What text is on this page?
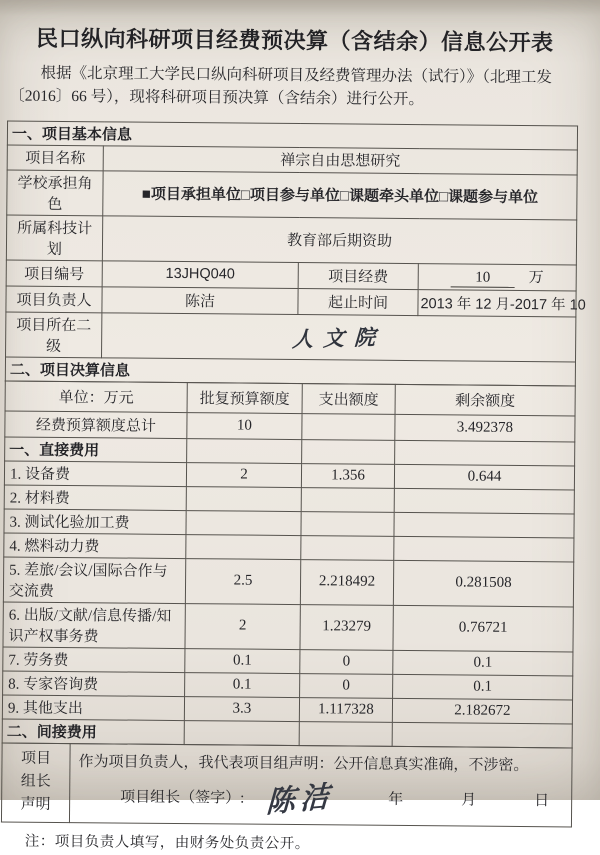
民口纵向科研项目经费预决算（含结余）信息公开表

根据《北京理工大学民口纵向科研项目及经费管理办法（试行）》（北理工发〔2016〕66 号），现将科研项目预决算（含结余）进行公开。

一、项目基本信息			
项目名称	禅宗自由思想研究		
学校承担角色	■项目承担单位□项目参与单位□课题牵头单位□课题参与单位		
所属科技计划	教育部后期资助		
项目编号	13JHQ040	项目经费	10 万
项目负责人	陈洁	起止时间	2013 年 12 月-2017 年 10
项目所在二级	人文院		
二、项目决算信息			
单位：万元	批复预算额度	支出额度	剩余额度
经费预算额度总计	10		3.492378
一、直接费用			
1. 设备费	2	1.356	0.644
2. 材料费			
3. 测试化验加工费			
4. 燃料动力费			
5. 差旅/会议/国际合作与交流费	2.5	2.218492	0.281508
6. 出版/文献/信息传播/知识产权事务费	2	1.23279	0.76721
7. 劳务费	0.1	0	0.1
8. 专家咨询费	0.1	0	0.1
9. 其他支出	3.3	1.117328	2.182672
二、间接费用			
项目
组长
声明

作为项目负责人，我代表项目组声明：公开信息真实准确，不涉密。
项目组长（签字）: 陈洁	年	月	日

注：项目负责人填写，由财务处负责公开。
